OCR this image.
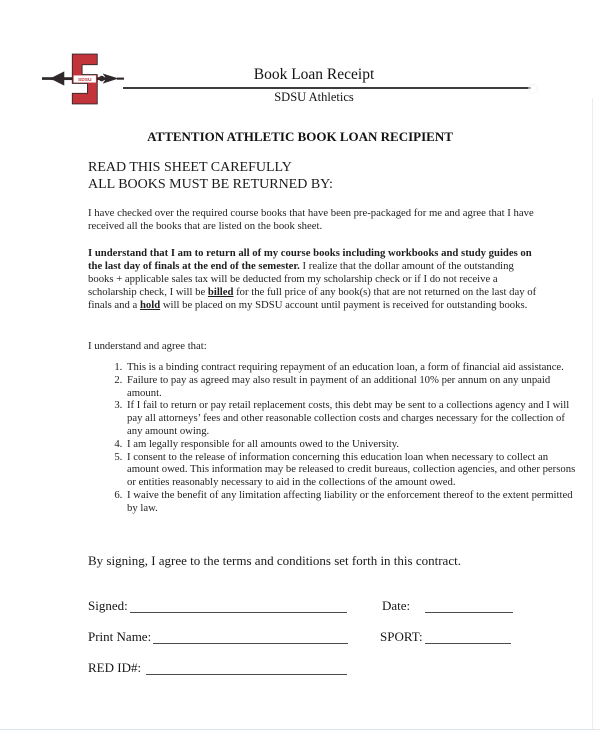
SDSU	Book Loan Receipt
SDSU Athletics
ATTENTION ATHLETIC BOOK LOAN RECIPIENT
READ THIS SHEET CAREFULLY
ALL BOOKS MUST BE RETURNED BY:

I have checked over the required course books that have been pre-packaged for me and agree that I have received all the books that are listed on the book sheet.

I understand that I am to return all of my course books including workbooks and study guides on the last day of finals at the end of the semester. I realize that the dollar amount of the outstanding books + applicable sales tax will be deducted from my scholarship check or if I do not receive a scholarship check, I will be billed for the full price of any book(s) that are not returned on the last day of finals and a hold will be placed on my SDSU account until payment is received for outstanding books.

I understand and agree that:

1. This is a binding contract requiring repayment of an education loan, a form of financial aid assistance.
2. Failure to pay as agreed may also result in payment of an additional 10% per annum on any unpaid amount.
3. If I fail to return or pay retail replacement costs, this debt may be sent to a collections agency and I will pay all attorneys’ fees and other reasonable collection costs and charges necessary for the collection of any amount owing.
4. I am legally responsible for all amounts owed to the University.
5. I consent to the release of information concerning this education loan when necessary to collect an amount owed. This information may be released to credit bureaus, collection agencies, and other persons or entities reasonably necessary to aid in the collections of the amount owed.
6. I waive the benefit of any limitation affecting liability or the enforcement thereof to the extent permitted by law.

By signing, I agree to the terms and conditions set forth in this contract.

Signed:	Date:
Print Name:	SPORT:
RED ID#:
